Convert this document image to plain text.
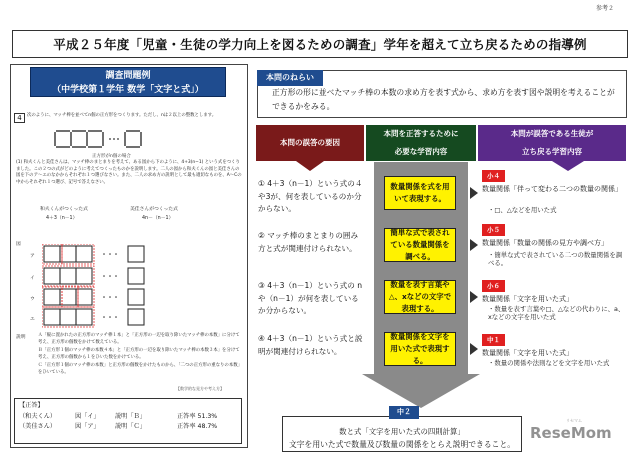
参考２
平成２５年度「児童・生徒の学力向上を図るための調査」学年を超えて立ち戻るための指導例
調査問題例
（中学校第１学年 数学「文字と式」）
4	次のように、マッチ棒を並べてn個の正方形をつくります。ただし、nは２以上の整数とします。
正方形がn個の場合
(1) 和夫くんと美佳さんは、マッチ棒のまとまりを考えて、ある図から下のように、4+3(n−1) という式をつくりました。この２つの式がどのように考えてつくったものかを説明します。二人の図から和夫くんの図と美佳さんの図を下のア〜エのなかからそれぞれ１つ選びなさい。また、二人の求め方の説明として最も適切なものを、A〜Cの中からそれぞれ１つ選び、記号で答えなさい。
和夫くんがつくった式	美佳さんがつくった式
4＋3（n－1）	4n－（n－1）
図
ア
イ
ウ
エ
説明	Ａ「縦に置かれたの正方形のマッチ棒１本」と「正方形の一辺を取り除いたマッチ棒の本数」に分けて考え、正方形の個数をかけて数えている。
Ｂ「正方形１個のマッチ棒の本数４本」と「正方形の一辺を取り除いたマッチ棒の本数３本」を分けて考え、正方形の個数から１をひいた数をかけている。
Ｃ「正方形１個のマッチ棒の本数」と正方形の個数をかけたものから、「二つの正方形の重なりの本数」をひいている。
【数学的な見方や考え方】
【正答】
（和夫くん）	図「イ」	説明「Ｂ」	正答率 51.3%
（美佳さん）	図「ア」	説明「Ｃ」	正答率 48.7%
本問のねらい
正方形の形に並べたマッチ棒の本数の求め方を表す式から、求め方を表す図や説明を考えることができるかをみる。
本問の誤答の要因
本問を正答するために
必要な学習内容
本問が誤答である生徒が
立ち戻る学習内容
① 4＋3（n－1）という式の４や3が、何を表しているのか分からない。
② マッチ棒のまとまりの囲み方と式が関連付けられない。
③ 4＋3（n－1）という式の n や（n－1）が何を表しているか分からない。
④ 4＋3（n－1）という式と説明が関連付けられない。
数量関係を式を用いて表現する。
簡単な式で表されている数量関係を調べる。
数量を表す言葉や△、xなどの文字で表現する。
数量関係を文字を用いた式で表現する。
小４
数量関係「伴って変わる二つの数量の関係」
・□、△などを用いた式
小５
数量関係「数量の関係の見方や調べ方」
・簡単な式で表されている二つの数量関係を調べる。
小６
数量関係「文字を用いた式」
・数量を表す言葉や□、△などの代わりに、a、xなどの文字を用いた式
中１
数量関係「文字を用いた式」
・数量の関係や法則などを文字を用いた式
数と式「文字を用いた式の四則計算」
文字を用いた式で数量及び数量の関係をとらえ説明できること。
中２
ReseMom
リセマム
